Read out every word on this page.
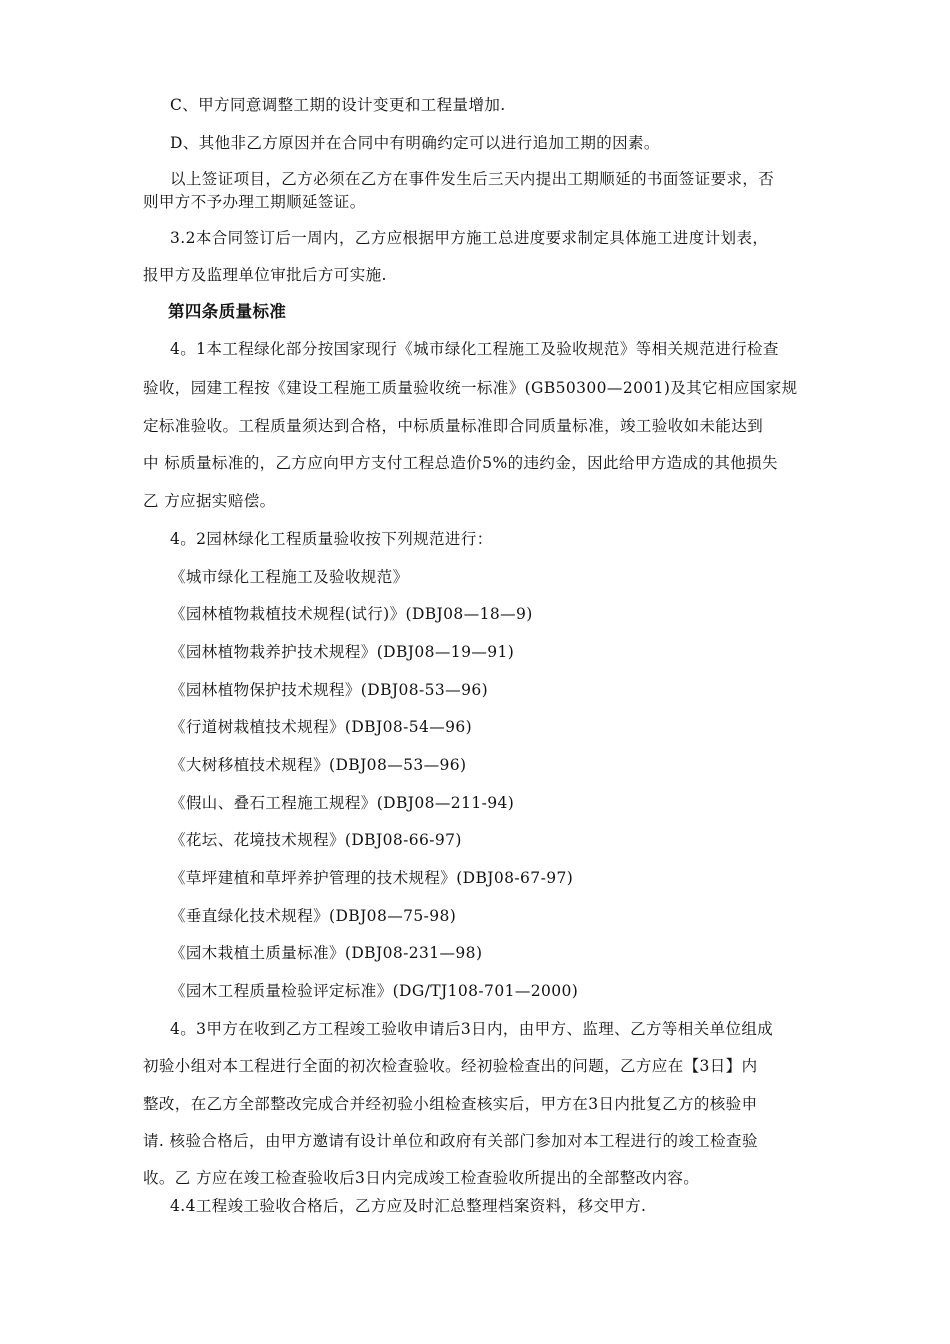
C、甲方同意调整工期的设计变更和工程量增加.
D、其他非乙方原因并在合同中有明确约定可以进行追加工期的因素。
以上签证项目，乙方必须在乙方在事件发生后三天内提出工期顺延的书面签证要求，否
则甲方不予办理工期顺延签证。
3.2本合同签订后一周内，乙方应根据甲方施工总进度要求制定具体施工进度计划表，
报甲方及监理单位审批后方可实施.
第四条质量标准
4。1本工程绿化部分按国家现行《城市绿化工程施工及验收规范》等相关规范进行检查
验收，园建工程按《建设工程施工质量验收统一标准》(GB50300—2001)及其它相应国家规
定标准验收。工程质量须达到合格，中标质量标准即合同质量标准，竣工验收如未能达到
中 标质量标准的，乙方应向甲方支付工程总造价5%的违约金，因此给甲方造成的其他损失
乙 方应据实赔偿。
4。2园林绿化工程质量验收按下列规范进行：
《城市绿化工程施工及验收规范》
《园林植物栽植技术规程(试行)》(DBJ08—18—9)
《园林植物栽养护技术规程》(DBJ08—19—91)
《园林植物保护技术规程》(DBJ08-53—96)
《行道树栽植技术规程》(DBJ08-54—96)
《大树移植技术规程》(DBJ08—53—96)
《假山、叠石工程施工规程》(DBJ08—211-94)
《花坛、花境技术规程》(DBJ08-66-97)
《草坪建植和草坪养护管理的技术规程》(DBJ08-67-97)
《垂直绿化技术规程》(DBJ08—75-98)
《园木栽植土质量标准》(DBJ08-231—98)
《园木工程质量检验评定标准》(DG/TJ108-701—2000)
4。3甲方在收到乙方工程竣工验收申请后3日内，由甲方、监理、乙方等相关单位组成
初验小组对本工程进行全面的初次检查验收。经初验检查出的问题，乙方应在【3日】内
整改，在乙方全部整改完成合并经初验小组检查核实后，甲方在3日内批复乙方的核验申
请. 核验合格后，由甲方邀请有设计单位和政府有关部门参加对本工程进行的竣工检查验
收。乙 方应在竣工检查验收后3日内完成竣工检查验收所提出的全部整改内容。
4.4工程竣工验收合格后，乙方应及时汇总整理档案资料，移交甲方.
